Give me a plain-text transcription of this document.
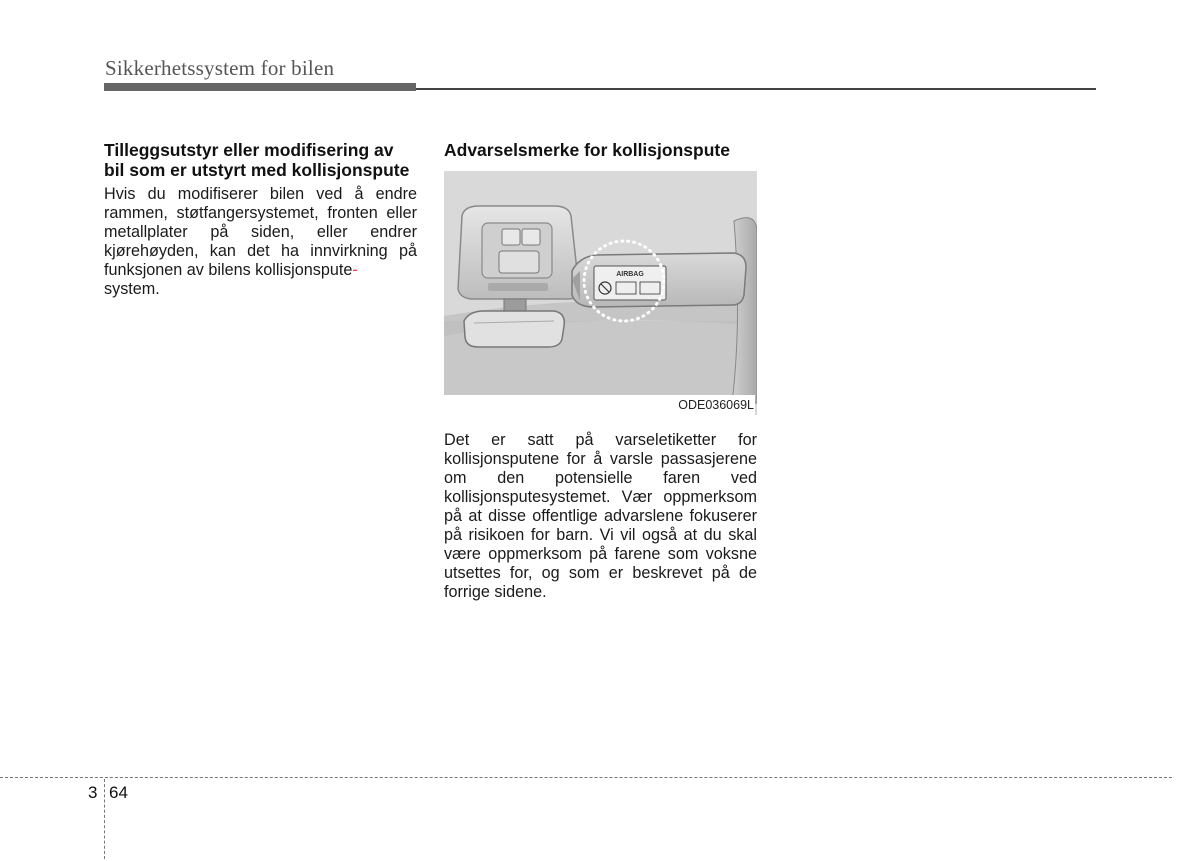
Sikkerhetssystem for bilen
Tilleggsutstyr eller modifisering av bil som er utstyrt med kollisjonspute

Hvis du modifiserer bilen ved å endre rammen, støtfangersystemet, fronten eller metallplater på siden, eller endrer kjørehøyden, kan det ha innvirkning på funksjonen av bilens kollisjonspute-
system.

Advarselsmerke for kollisjonspute
AIRBAG
ODE036069L

Det er satt på varseletiketter for kollisjonsputene for å varsle passasjerene om den potensielle faren ved kollisjonsputesystemet. Vær oppmerksom på at disse offentlige advarslene fokuserer på risikoen for barn. Vi vil også at du skal være oppmerksom på farene som voksne utsettes for, og som er beskrevet på de forrige sidene.

3 64
